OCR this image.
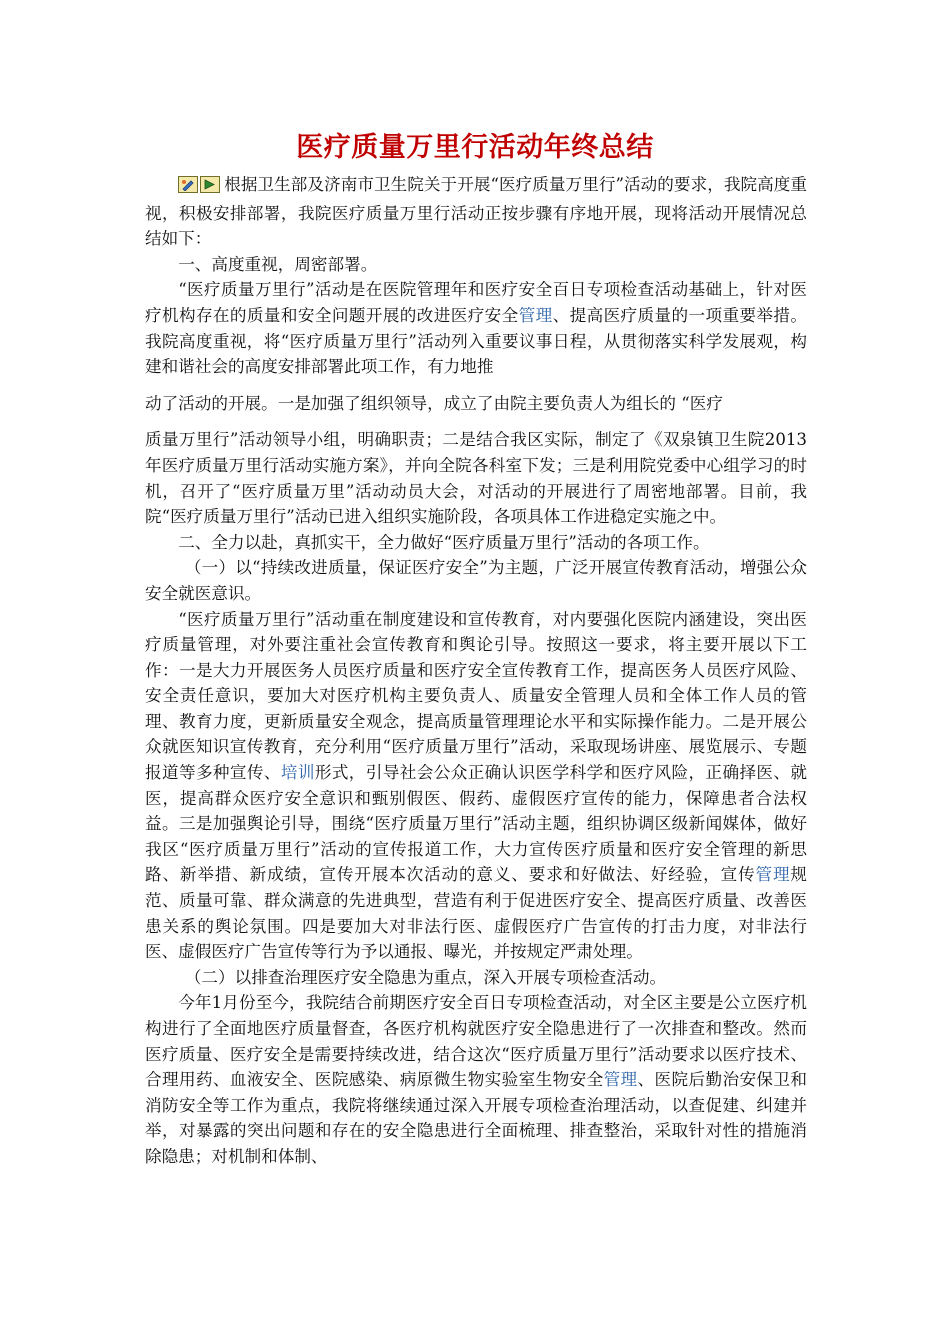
医疗质量万里行活动年终总结

根据卫生部及济南市卫生院关于开展“医疗质量万里行”活动的要求，我院高度重视，积极安排部署，我院医疗质量万里行活动正按步骤有序地开展，现将活动开展情况总结如下：

一、高度重视，周密部署。

“医疗质量万里行”活动是在医院管理年和医疗安全百日专项检查活动基础上，针对医疗机构存在的质量和安全问题开展的改进医疗安全管理、提高医疗质量的一项重要举措。我院高度重视，将“医疗质量万里行”活动列入重要议事日程，从贯彻落实科学发展观，构建和谐社会的高度安排部署此项工作，有力地推

动了活动的开展。一是加强了组织领导，成立了由院主要负责人为组长的 “医疗

质量万里行”活动领导小组，明确职责；二是结合我区实际，制定了《双泉镇卫生院2013年医疗质量万里行活动实施方案》，并向全院各科室下发；三是利用院党委中心组学习的时机，召开了“医疗质量万里”活动动员大会，对活动的开展进行了周密地部署。目前，我院“医疗质量万里行”活动已进入组织实施阶段，各项具体工作进稳定实施之中。

二、全力以赴，真抓实干，全力做好“医疗质量万里行”活动的各项工作。

（一）以“持续改进质量，保证医疗安全”为主题，广泛开展宣传教育活动，增强公众安全就医意识。

“医疗质量万里行”活动重在制度建设和宣传教育，对内要强化医院内涵建设，突出医疗质量管理，对外要注重社会宣传教育和舆论引导。按照这一要求，将主要开展以下工作：一是大力开展医务人员医疗质量和医疗安全宣传教育工作，提高医务人员医疗风险、安全责任意识，要加大对医疗机构主要负责人、质量安全管理人员和全体工作人员的管理、教育力度，更新质量安全观念，提高质量管理理论水平和实际操作能力。二是开展公众就医知识宣传教育，充分利用“医疗质量万里行”活动，采取现场讲座、展览展示、专题报道等多种宣传、培训形式，引导社会公众正确认识医学科学和医疗风险，正确择医、就医，提高群众医疗安全意识和甄别假医、假药、虚假医疗宣传的能力，保障患者合法权益。三是加强舆论引导，围绕“医疗质量万里行”活动主题，组织协调区级新闻媒体，做好我区“医疗质量万里行”活动的宣传报道工作，大力宣传医疗质量和医疗安全管理的新思路、新举措、新成绩，宣传开展本次活动的意义、要求和好做法、好经验，宣传管理规范、质量可靠、群众满意的先进典型，营造有利于促进医疗安全、提高医疗质量、改善医患关系的舆论氛围。四是要加大对非法行医、虚假医疗广告宣传的打击力度，对非法行医、虚假医疗广告宣传等行为予以通报、曝光，并按规定严肃处理。

（二）以排查治理医疗安全隐患为重点，深入开展专项检查活动。

今年1月份至今，我院结合前期医疗安全百日专项检查活动，对全区主要是公立医疗机构进行了全面地医疗质量督查，各医疗机构就医疗安全隐患进行了一次排查和整改。然而医疗质量、医疗安全是需要持续改进，结合这次“医疗质量万里行”活动要求以医疗技术、合理用药、血液安全、医院感染、病原微生物实验室生物安全管理、医院后勤治安保卫和消防安全等工作为重点，我院将继续通过深入开展专项检查治理活动，以查促建、纠建并举，对暴露的突出问题和存在的安全隐患进行全面梳理、排查整治，采取针对性的措施消除隐患；对机制和体制、
